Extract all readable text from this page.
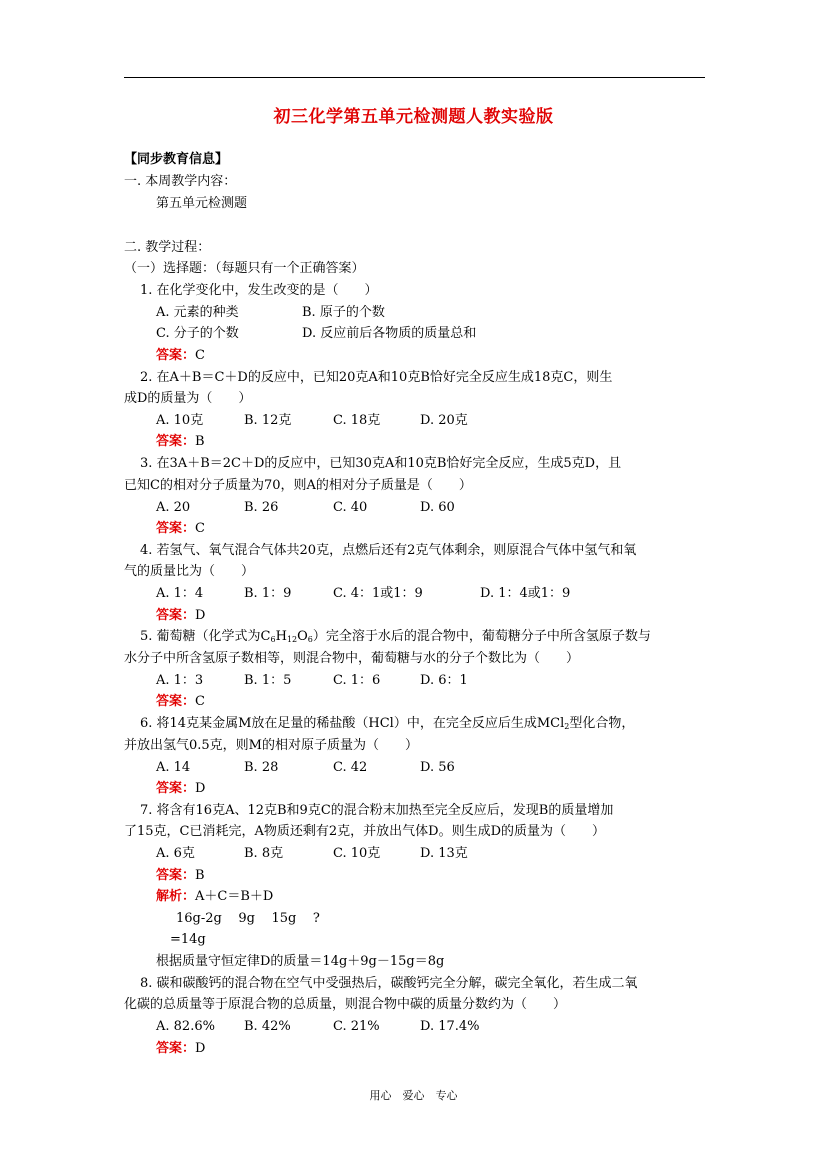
初三化学第五单元检测题人教实验版
【同步教育信息】
一. 本周教学内容：
第五单元检测题
二. 教学过程：
（一）选择题：（每题只有一个正确答案）
1. 在化学变化中，发生改变的是（　　）
A. 元素的种类	B. 原子的个数
C. 分子的个数	D. 反应前后各物质的质量总和
答案：C
2. 在A＋B＝C＋D的反应中，已知20克A和10克B恰好完全反应生成18克C，则生
成D的质量为（　　）
A. 10克	B. 12克	C. 18克	D. 20克
答案：B
3. 在3A＋B＝2C＋D的反应中，已知30克A和10克B恰好完全反应，生成5克D，且
已知C的相对分子质量为70，则A的相对分子质量是（　　）
A. 20	B. 26	C. 40	D. 60
答案：C
4. 若氢气、氧气混合气体共20克，点燃后还有2克气体剩余，则原混合气体中氢气和氧
气的质量比为（　　）
A. 1：4	B. 1：9	C. 4：1或1：9	D. 1：4或1：9
答案：D
5. 葡萄糖（化学式为$C_6H_{12}O_6$）完全溶于水后的混合物中，葡萄糖分子中所含氢原子数与
水分子中所含氢原子数相等，则混合物中，葡萄糖与水的分子个数比为（　　）
A. 1：3	B. 1：5	C. 1：6	D. 6：1
答案：C
6. 将14克某金属M放在足量的稀盐酸（HCl）中，在完全反应后生成MCl$_2$型化合物，
并放出氢气0.5克，则M的相对原子质量为（　　）
A. 14	B. 28	C. 42	D. 56
答案：D
7. 将含有16克A、12克B和9克C的混合粉末加热至完全反应后，发现B的质量增加
了15克，C已消耗完，A物质还剩有2克，并放出气体D。则生成D的质量为（　　）
A. 6克	B. 8克	C. 10克	D. 13克
答案：B
解析：A＋C＝B＋D
16g-2g    9g    15g    ?
=14g
根据质量守恒定律D的质量＝14g＋9g－15g＝8g
8. 碳和碳酸钙的混合物在空气中受强热后，碳酸钙完全分解，碳完全氧化，若生成二氧
化碳的总质量等于原混合物的总质量，则混合物中碳的质量分数约为（　　）
A. 82.6% B. 42%	C. 21%	D. 17.4%
答案：D
用心　爱心　专心
